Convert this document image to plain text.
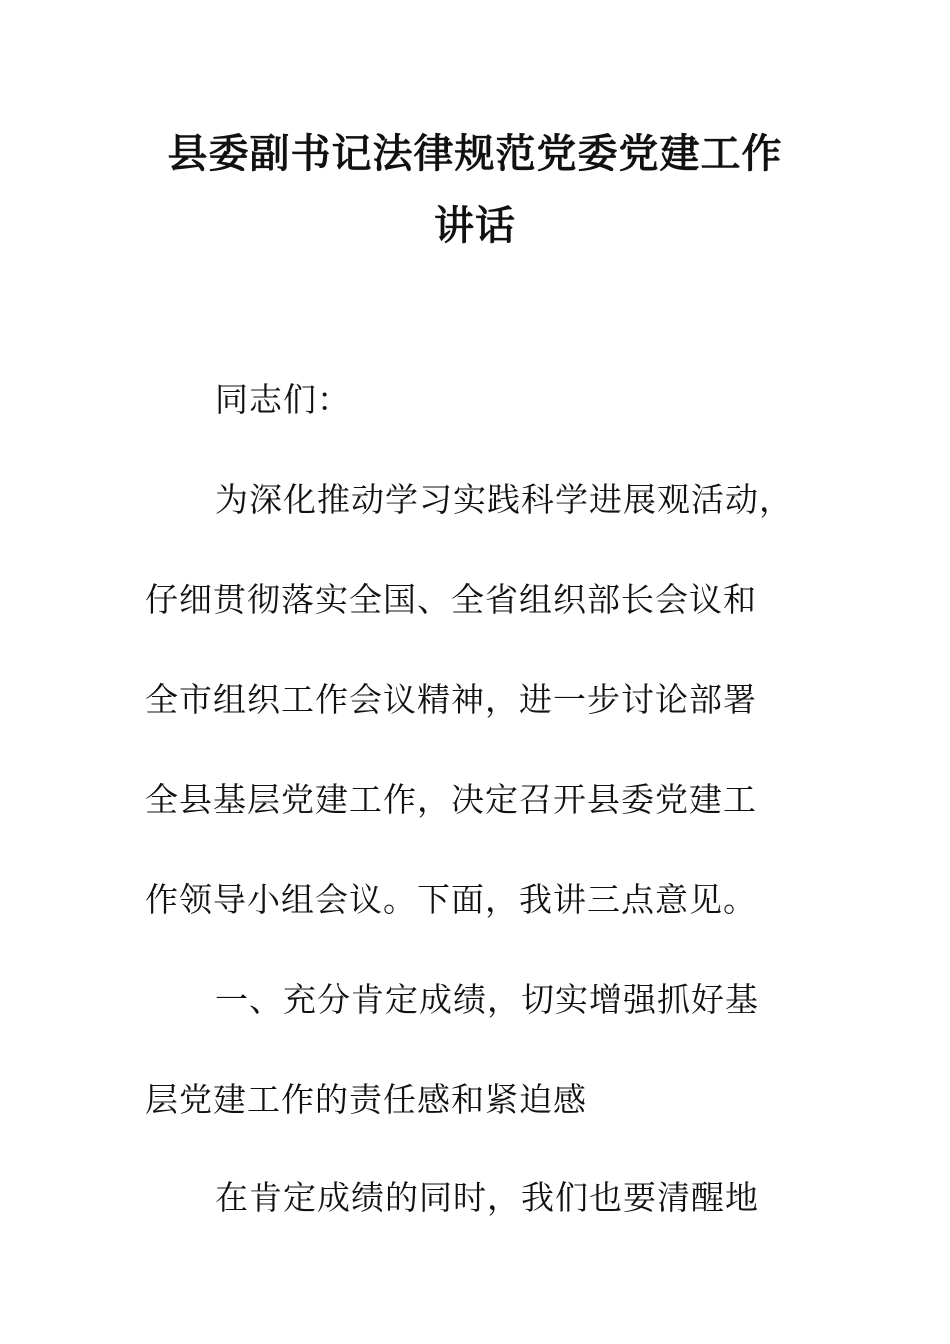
县委副书记法律规范党委党建工作
讲话

同志们：

为深化推动学习实践科学进展观活动，

仔细贯彻落实全国、全省组织部长会议和

全市组织工作会议精神，进一步讨论部署

全县基层党建工作，决定召开县委党建工

作领导小组会议。下面，我讲三点意见。

一、充分肯定成绩，切实增强抓好基

层党建工作的责任感和紧迫感

在肯定成绩的同时，我们也要清醒地
